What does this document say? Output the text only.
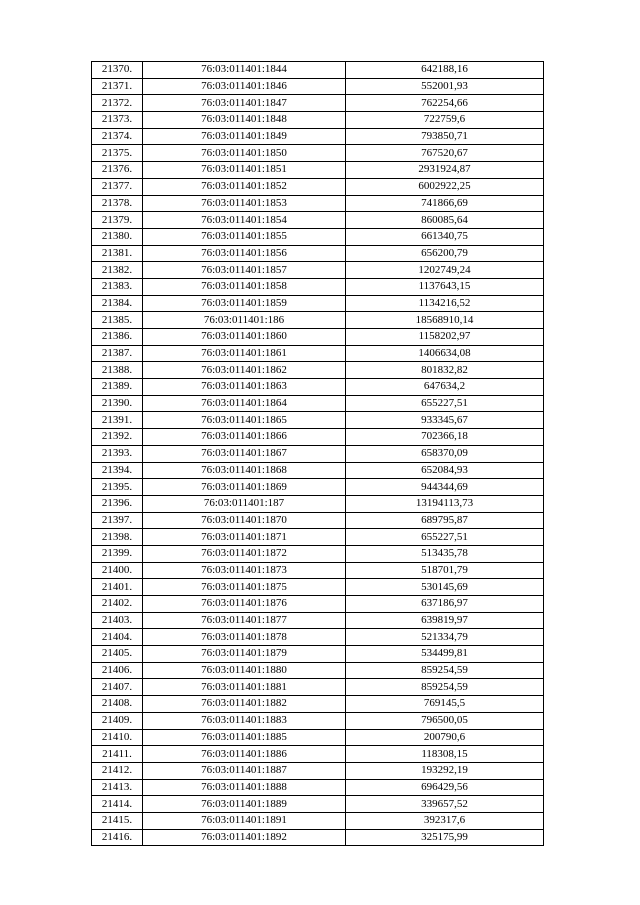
21370.	76:03:011401:1844	642188,16
21371.	76:03:011401:1846	552001,93
21372.	76:03:011401:1847	762254,66
21373.	76:03:011401:1848	722759,6
21374.	76:03:011401:1849	793850,71
21375.	76:03:011401:1850	767520,67
21376.	76:03:011401:1851	2931924,87
21377.	76:03:011401:1852	6002922,25
21378.	76:03:011401:1853	741866,69
21379.	76:03:011401:1854	860085,64
21380.	76:03:011401:1855	661340,75
21381.	76:03:011401:1856	656200,79
21382.	76:03:011401:1857	1202749,24
21383.	76:03:011401:1858	1137643,15
21384.	76:03:011401:1859	1134216,52
21385.	76:03:011401:186	18568910,14
21386.	76:03:011401:1860	1158202,97
21387.	76:03:011401:1861	1406634,08
21388.	76:03:011401:1862	801832,82
21389.	76:03:011401:1863	647634,2
21390.	76:03:011401:1864	655227,51
21391.	76:03:011401:1865	933345,67
21392.	76:03:011401:1866	702366,18
21393.	76:03:011401:1867	658370,09
21394.	76:03:011401:1868	652084,93
21395.	76:03:011401:1869	944344,69
21396.	76:03:011401:187	13194113,73
21397.	76:03:011401:1870	689795,87
21398.	76:03:011401:1871	655227,51
21399.	76:03:011401:1872	513435,78
21400.	76:03:011401:1873	518701,79
21401.	76:03:011401:1875	530145,69
21402.	76:03:011401:1876	637186,97
21403.	76:03:011401:1877	639819,97
21404.	76:03:011401:1878	521334,79
21405.	76:03:011401:1879	534499,81
21406.	76:03:011401:1880	859254,59
21407.	76:03:011401:1881	859254,59
21408.	76:03:011401:1882	769145,5
21409.	76:03:011401:1883	796500,05
21410.	76:03:011401:1885	200790,6
21411.	76:03:011401:1886	118308,15
21412.	76:03:011401:1887	193292,19
21413.	76:03:011401:1888	696429,56
21414.	76:03:011401:1889	339657,52
21415.	76:03:011401:1891	392317,6
21416.	76:03:011401:1892	325175,99
